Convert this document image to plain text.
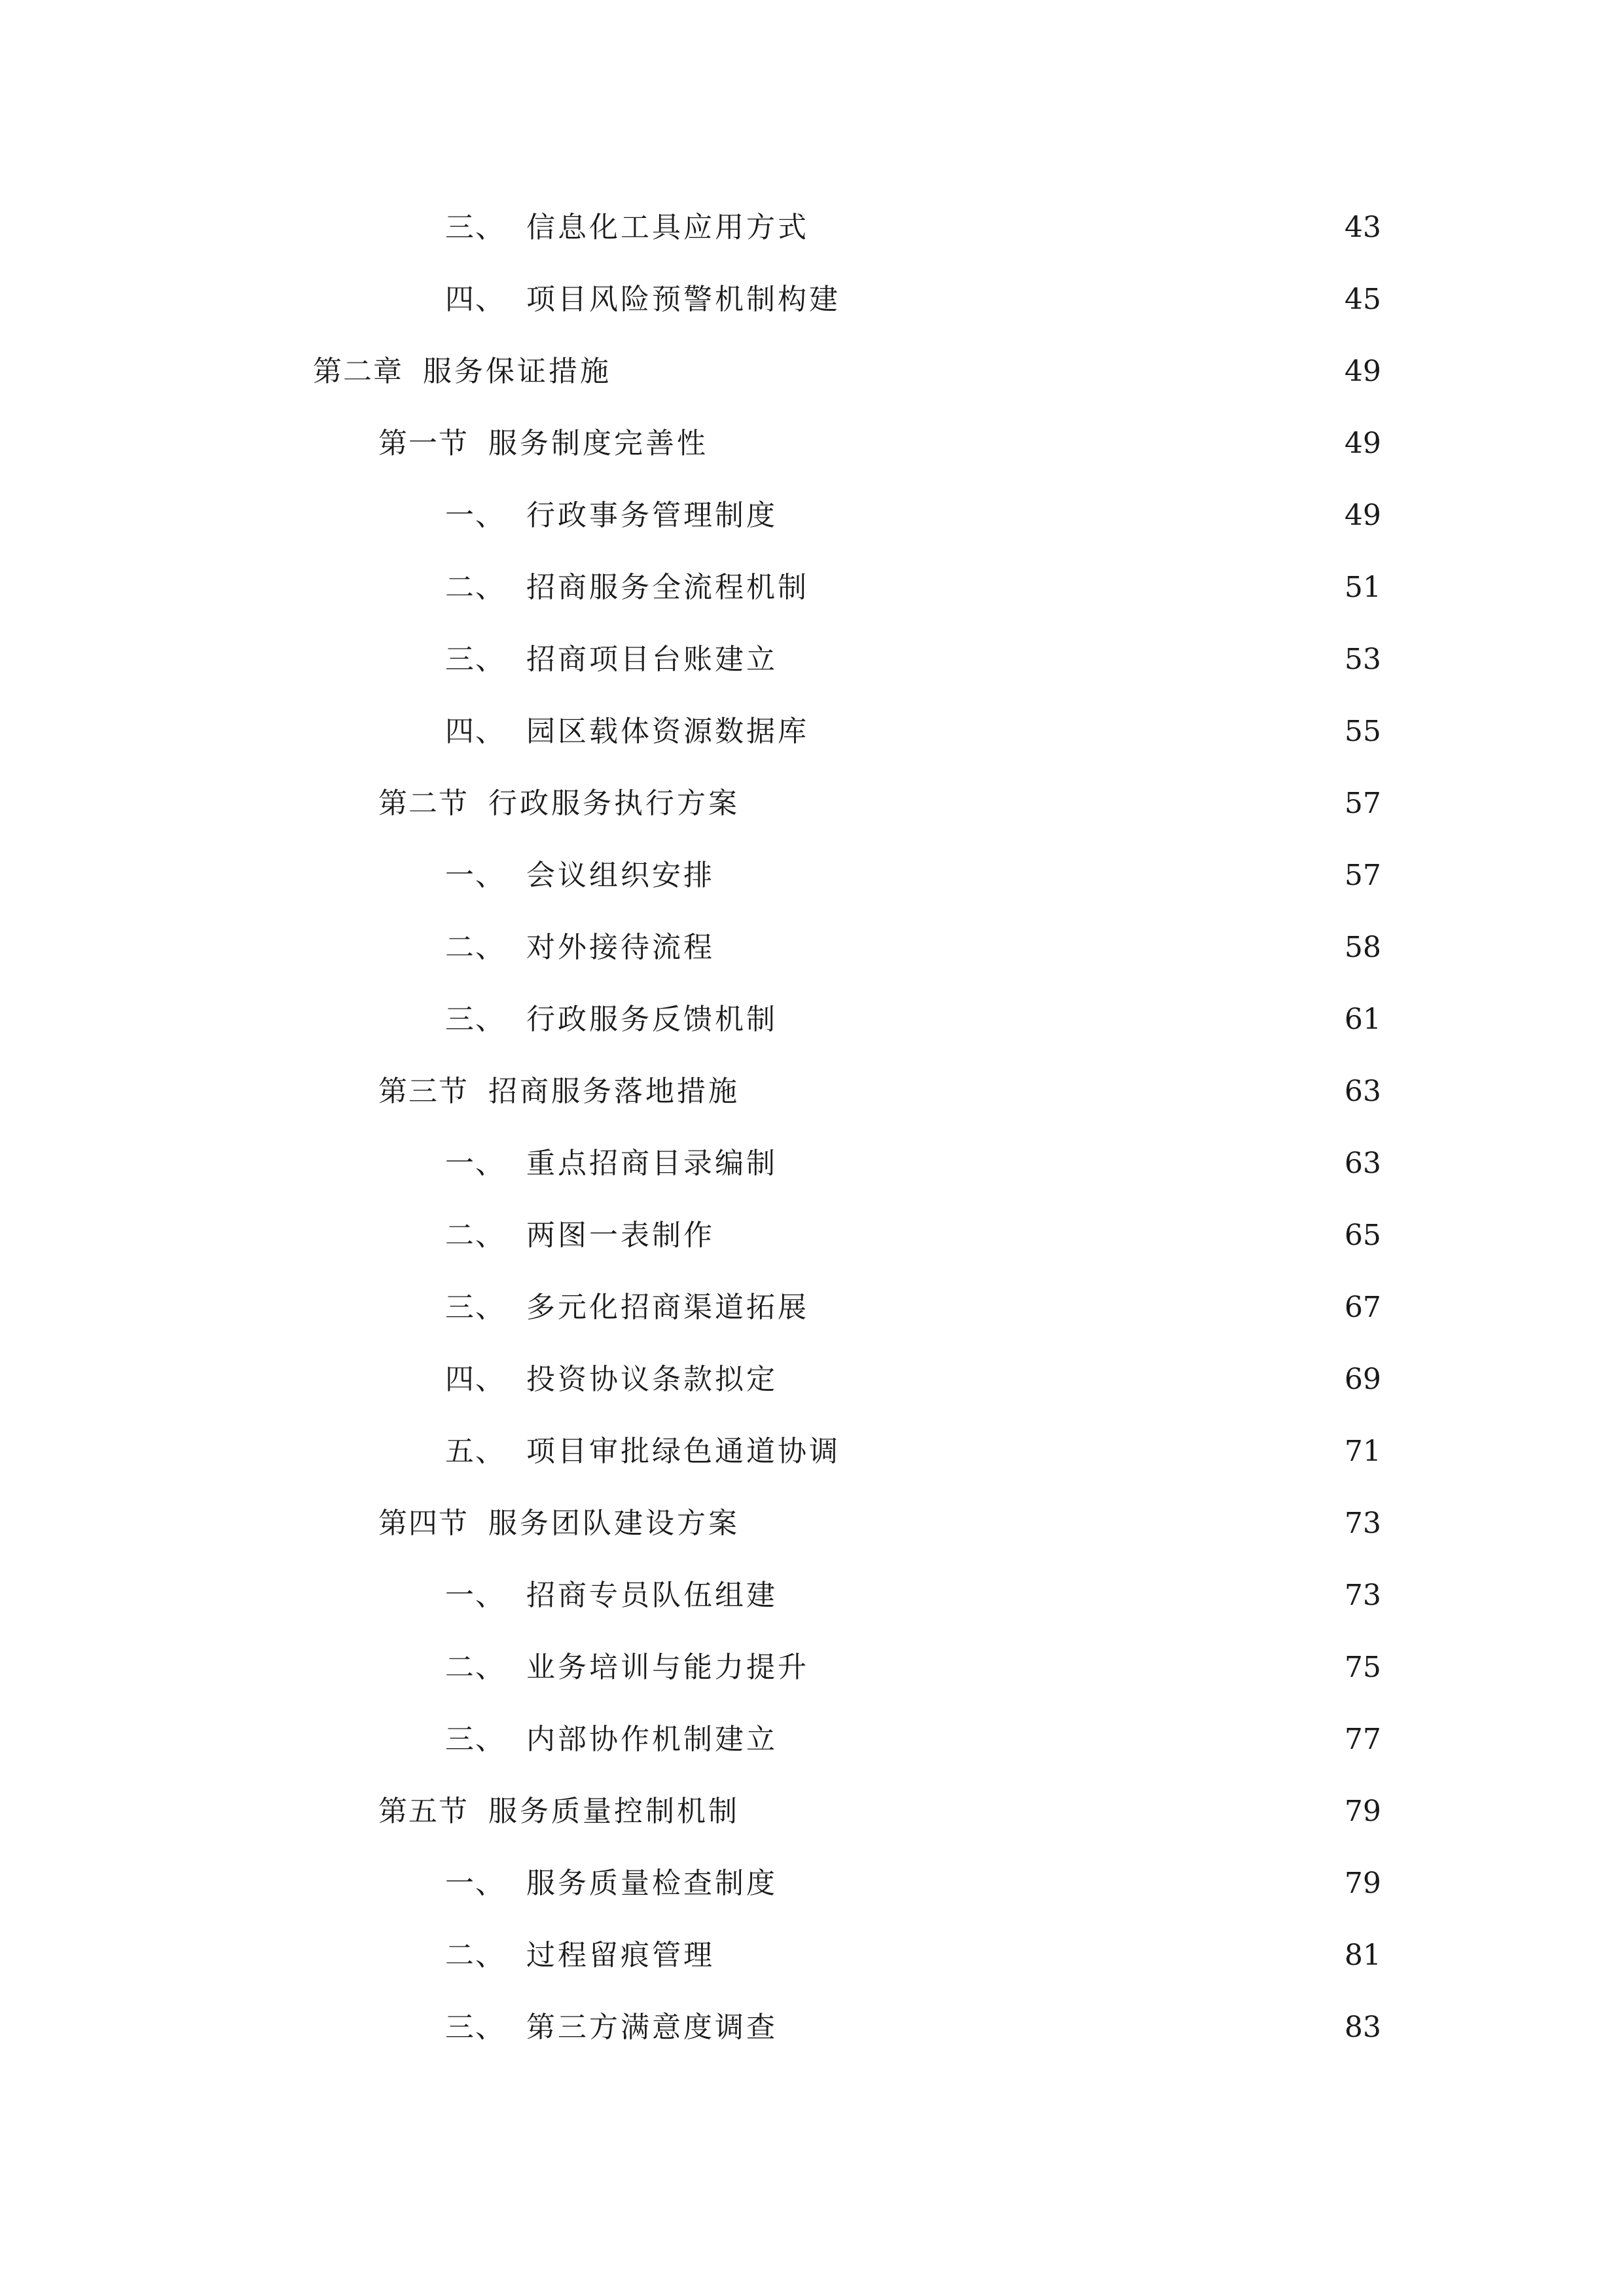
三、 信息化工具应用方式	43
四、 项目风险预警机制构建	45
第二章 服务保证措施	49
第一节 服务制度完善性	49
一、 行政事务管理制度	49
二、 招商服务全流程机制	51
三、 招商项目台账建立	53
四、 园区载体资源数据库	55
第二节 行政服务执行方案	57
一、 会议组织安排	57
二、 对外接待流程	58
三、 行政服务反馈机制	61
第三节 招商服务落地措施	63
一、 重点招商目录编制	63
二、 两图一表制作	65
三、 多元化招商渠道拓展	67
四、 投资协议条款拟定	69
五、 项目审批绿色通道协调	71
第四节 服务团队建设方案	73
一、 招商专员队伍组建	73
二、 业务培训与能力提升	75
三、 内部协作机制建立	77
第五节 服务质量控制机制	79
一、 服务质量检查制度	79
二、 过程留痕管理	81
三、 第三方满意度调查	83
